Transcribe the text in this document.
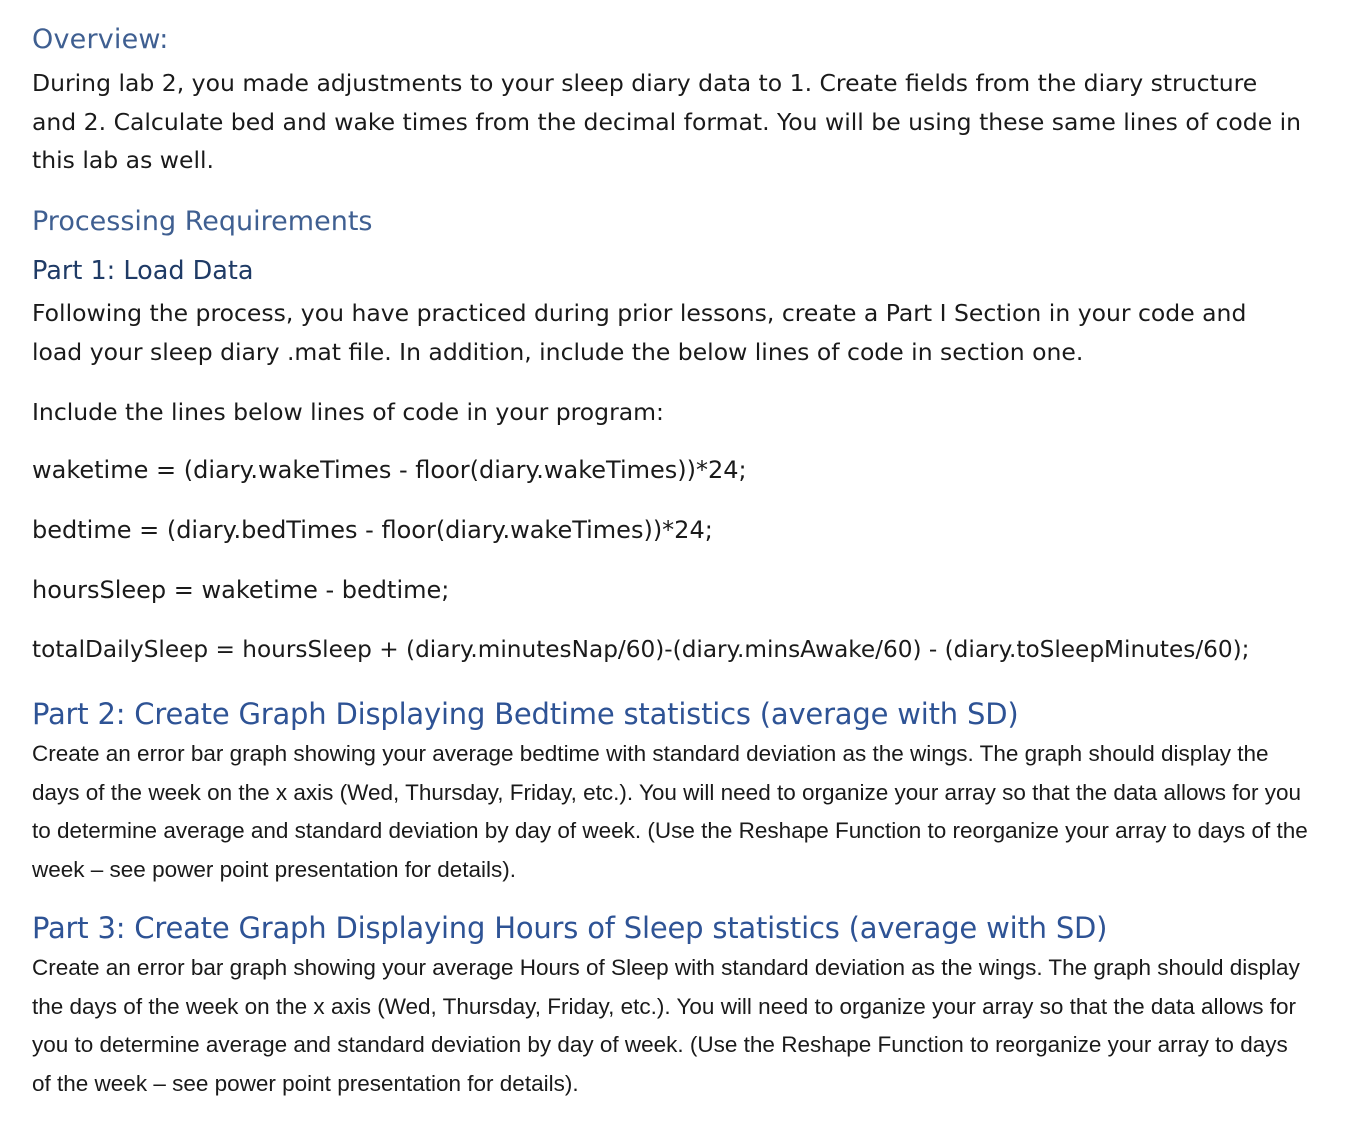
Overview:
During lab 2, you made adjustments to your sleep diary data to 1. Create fields from the diary structure and 2. Calculate bed and wake times from the decimal format. You will be using these same lines of code in this lab as well.
Processing Requirements
Part 1: Load Data
Following the process, you have practiced during prior lessons, create a Part I Section in your code and load your sleep diary .mat file. In addition, include the below lines of code in section one.
Include the lines below lines of code in your program:
waketime = (diary.wakeTimes - floor(diary.wakeTimes))*24;
bedtime = (diary.bedTimes - floor(diary.wakeTimes))*24;
hoursSleep = waketime - bedtime;
totalDailySleep = hoursSleep + (diary.minutesNap/60)-(diary.minsAwake/60) - (diary.toSleepMinutes/60);
Part 2: Create Graph Displaying Bedtime statistics (average with SD)
Create an error bar graph showing your average bedtime with standard deviation as the wings. The graph should display the days of the week on the x axis (Wed, Thursday, Friday, etc.). You will need to organize your array so that the data allows for you to determine average and standard deviation by day of week. (Use the Reshape Function to reorganize your array to days of the week – see power point presentation for details).
Part 3: Create Graph Displaying Hours of Sleep statistics (average with SD)
Create an error bar graph showing your average Hours of Sleep with standard deviation as the wings. The graph should display the days of the week on the x axis (Wed, Thursday, Friday, etc.). You will need to organize your array so that the data allows for you to determine average and standard deviation by day of week. (Use the Reshape Function to reorganize your array to days of the week – see power point presentation for details).
